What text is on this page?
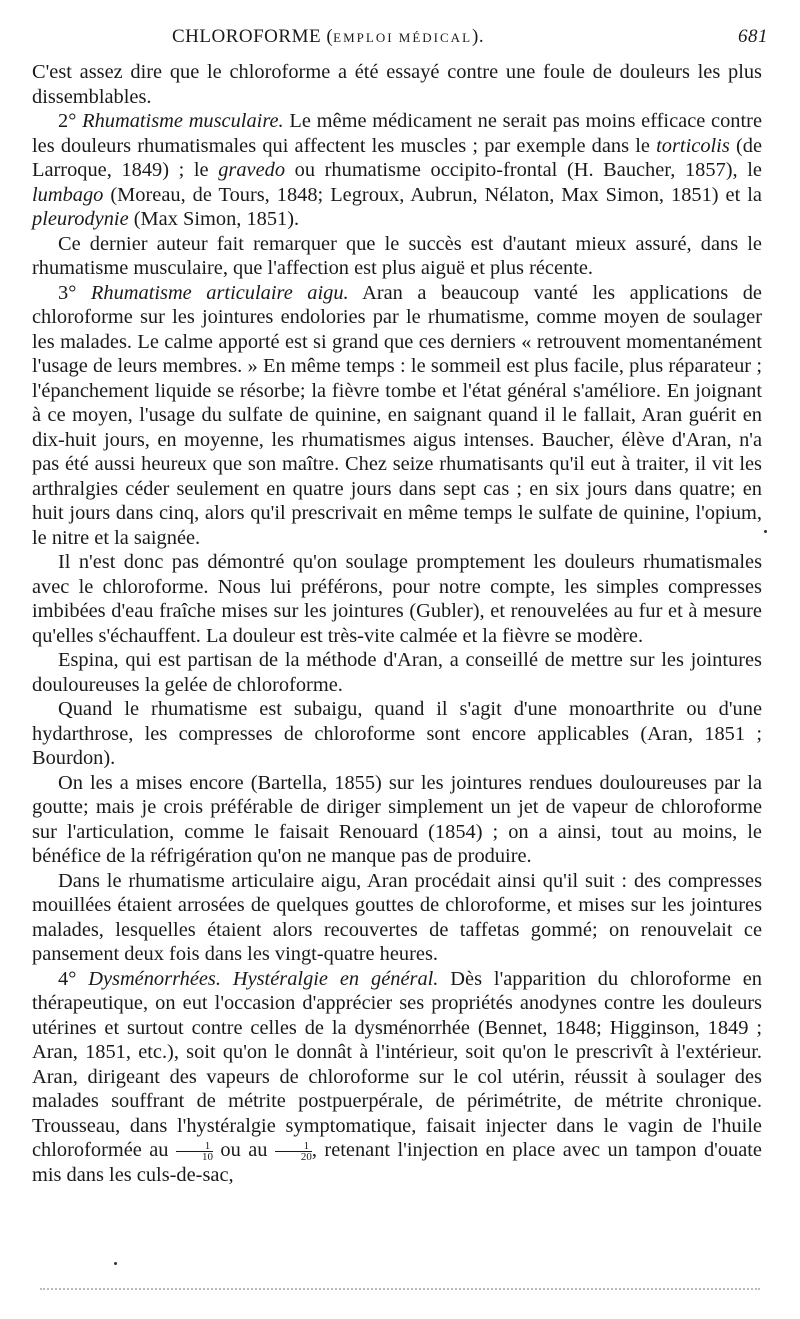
CHLOROFORME (EMPLOI MÉDICAL).	681

C'est assez dire que le chloroforme a été essayé contre une foule de douleurs les plus dissemblables.

2° Rhumatisme musculaire. Le même médicament ne serait pas moins efficace contre les douleurs rhumatismales qui affectent les muscles ; par exemple dans le torticolis (de Larroque, 1849) ; le gravedo ou rhumatisme occipito-frontal (H. Baucher, 1857), le lumbago (Moreau, de Tours, 1848; Legroux, Aubrun, Nélaton, Max Simon, 1851) et la pleurodynie (Max Simon, 1851).

Ce dernier auteur fait remarquer que le succès est d'autant mieux assuré, dans le rhumatisme musculaire, que l'affection est plus aiguë et plus récente.

3° Rhumatisme articulaire aigu. Aran a beaucoup vanté les applications de chloroforme sur les jointures endolories par le rhumatisme, comme moyen de soulager les malades. Le calme apporté est si grand que ces derniers « retrouvent momentanément l'usage de leurs membres. » En même temps : le sommeil est plus facile, plus réparateur ; l'épanchement liquide se résorbe; la fièvre tombe et l'état général s'améliore. En joignant à ce moyen, l'usage du sulfate de quinine, en saignant quand il le fallait, Aran guérit en dix-huit jours, en moyenne, les rhumatismes aigus intenses. Baucher, élève d'Aran, n'a pas été aussi heureux que son maître. Chez seize rhumatisants qu'il eut à traiter, il vit les arthralgies céder seulement en quatre jours dans sept cas ; en six jours dans quatre; en huit jours dans cinq, alors qu'il prescrivait en même temps le sulfate de quinine, l'opium, le nitre et la saignée.

Il n'est donc pas démontré qu'on soulage promptement les douleurs rhumatismales avec le chloroforme. Nous lui préférons, pour notre compte, les simples compresses imbibées d'eau fraîche mises sur les jointures (Gubler), et renouvelées au fur et à mesure qu'elles s'échauffent. La douleur est très-vite calmée et la fièvre se modère.

Espina, qui est partisan de la méthode d'Aran, a conseillé de mettre sur les jointures douloureuses la gelée de chloroforme.

Quand le rhumatisme est subaigu, quand il s'agit d'une monoarthrite ou d'une hydarthrose, les compresses de chloroforme sont encore applicables (Aran, 1851 ; Bourdon).

On les a mises encore (Bartella, 1855) sur les jointures rendues douloureuses par la goutte; mais je crois préférable de diriger simplement un jet de vapeur de chloroforme sur l'articulation, comme le faisait Renouard (1854) ; on a ainsi, tout au moins, le bénéfice de la réfrigération qu'on ne manque pas de produire.

Dans le rhumatisme articulaire aigu, Aran procédait ainsi qu'il suit : des compresses mouillées étaient arrosées de quelques gouttes de chloroforme, et mises sur les jointures malades, lesquelles étaient alors recouvertes de taffetas gommé; on renouvelait ce pansement deux fois dans les vingt-quatre heures.

4° Dysménorrhées. Hystéralgie en général. Dès l'apparition du chloroforme en thérapeutique, on eut l'occasion d'apprécier ses propriétés anodynes contre les douleurs utérines et surtout contre celles de la dysménorrhée (Bennet, 1848; Higginson, 1849 ; Aran, 1851, etc.), soit qu'on le donnât à l'intérieur, soit qu'on le prescrivît à l'extérieur. Aran, dirigeant des vapeurs de chloroforme sur le col utérin, réussit à soulager des malades souffrant de métrite postpuerpérale, de périmétrite, de métrite chronique. Trousseau, dans l'hystéralgie symptomatique, faisait injecter dans le vagin de l'huile chloroformée au $\frac{1}{10}$ ou au $\frac{1}{20}$ , retenant l'injection en place avec un tampon d'ouate mis dans les culs-de-sac,
